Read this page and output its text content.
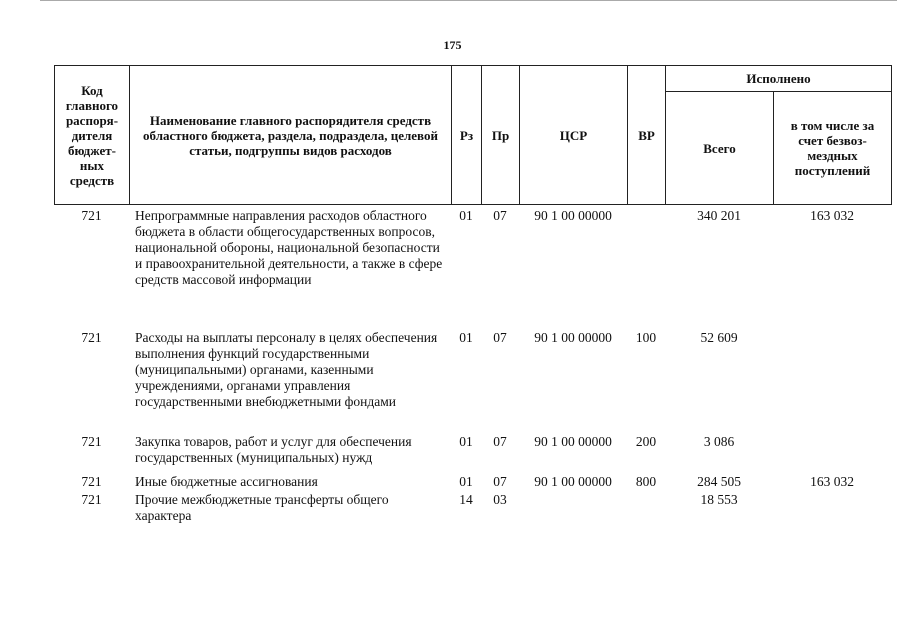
175
Код главного распоря-дителя бюджет-ных средств	Наименование главного распорядителя средств областного бюджета, раздела, подраздела, целевой статьи, подгруппы видов расходов	Рз	Пр	ЦСР	ВР	Исполнено	
						Всего	в том числе за счет безвоз-мездных поступлений
721	Непрограммные направления расходов областного бюджета в области общегосударственных вопросов, национальной обороны, национальной безопасности и правоохранительной деятельности, а также в сфере средств массовой информации	01	07	90 1 00 00000		340 201	163 032
721	Расходы на выплаты персоналу в целях обеспечения выполнения функций государственными (муниципальными) органами, казенными учреждениями, органами управления государственными внебюджетными фондами	01	07	90 1 00 00000	100	52 609	
721	Закупка товаров, работ и услуг для обеспечения государственных (муниципальных) нужд	01	07	90 1 00 00000	200	3 086	
721	Иные бюджетные ассигнования	01	07	90 1 00 00000	800	284 505	163 032
721	Прочие межбюджетные трансферты общего характера	14	03			18 553	
